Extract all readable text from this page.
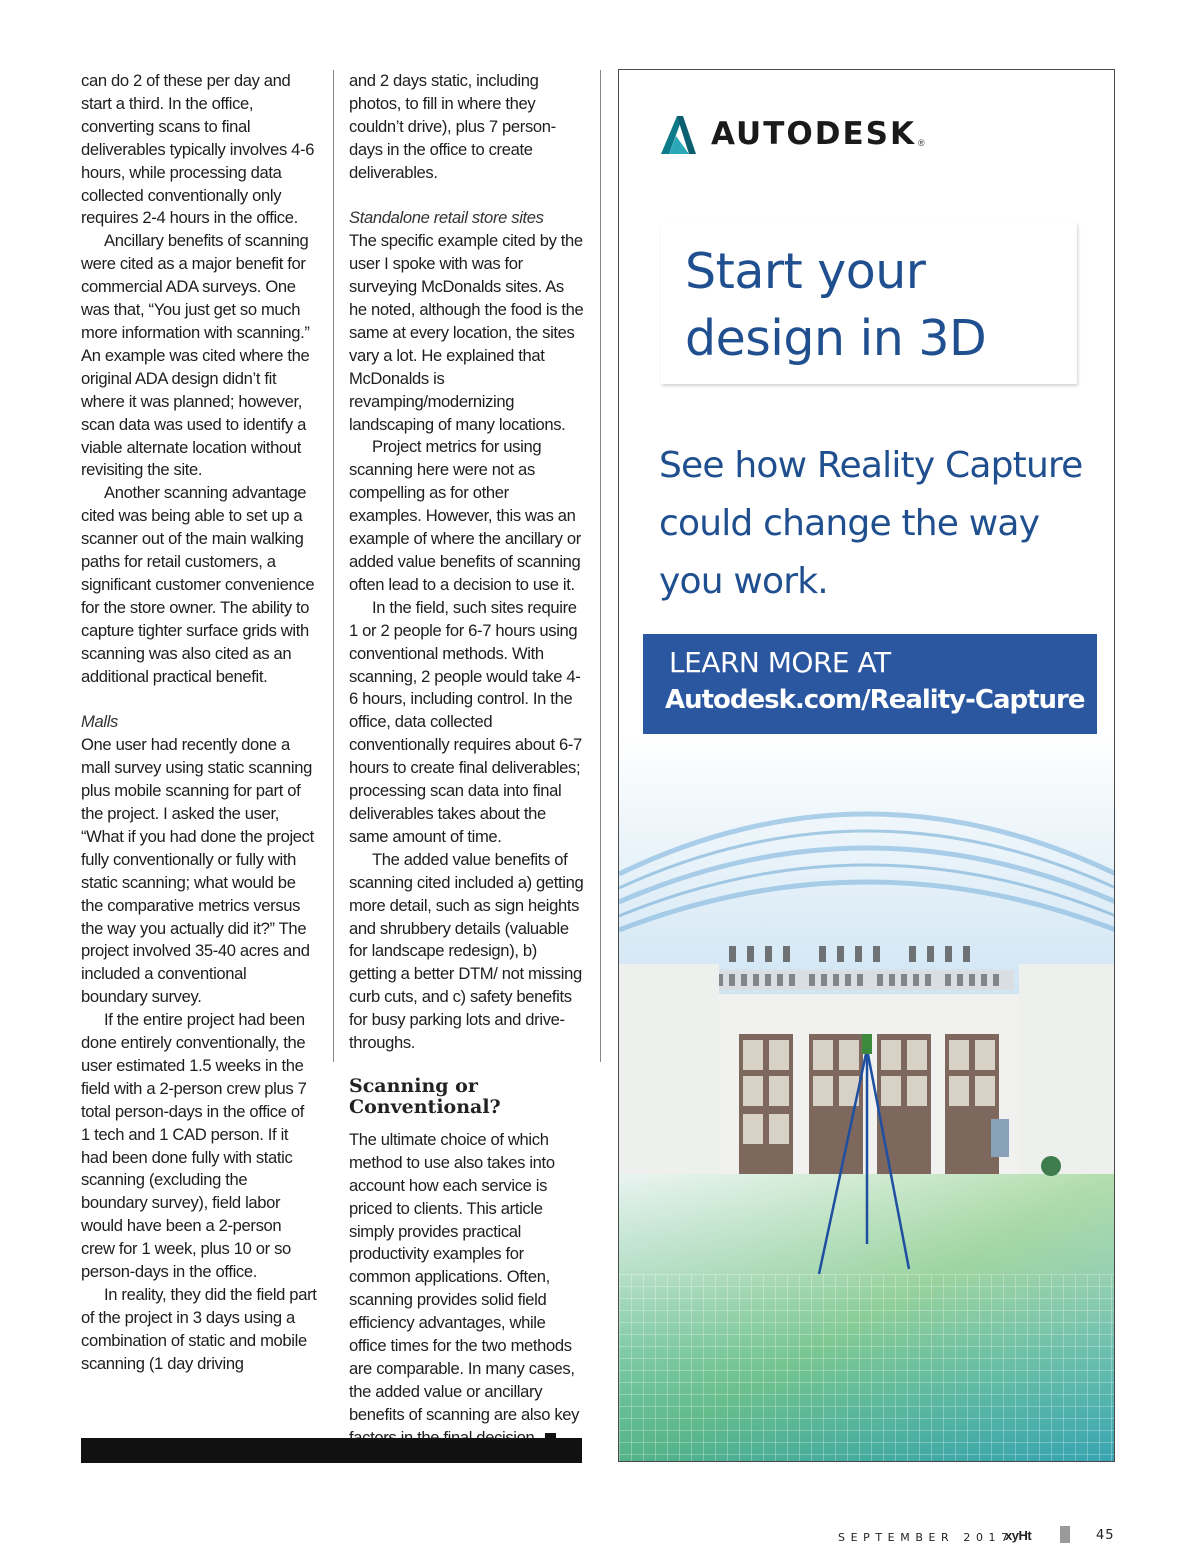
can do 2 of these per day and start a third. In the office, converting scans to final deliverables typically involves 4-6 hours, while processing data collected conventionally only requires 2-4 hours in the office.

Ancillary benefits of scanning were cited as a major benefit for commercial ADA surveys. One was that, “You just get so much more information with scanning.” An example was cited where the original ADA design didn’t fit where it was planned; however, scan data was used to identify a viable alternate location without revisiting the site.

Another scanning advantage cited was being able to set up a scanner out of the main walking paths for retail customers, a significant customer convenience for the store owner. The ability to capture tighter surface grids with scanning was also cited as an additional practical benefit.

Malls

One user had recently done a mall survey using static scanning plus mobile scanning for part of the project. I asked the user, “What if you had done the project fully conventionally or fully with static scanning; what would be the comparative metrics versus the way you actually did it?” The project involved 35-40 acres and included a conventional boundary survey.

If the entire project had been done entirely conventionally, the user estimated 1.5 weeks in the field with a 2-person crew plus 7 total person-days in the office of 1 tech and 1 CAD person. If it had been done fully with static scanning (excluding the boundary survey), field labor would have been a 2-person crew for 1 week, plus 10 or so person-days in the office.

In reality, they did the field part of the project in 3 days using a combination of static and mobile scanning (1 day driving

and 2 days static, including photos, to fill in where they couldn’t drive), plus 7 person-days in the office to create deliverables.

Standalone retail store sites

The specific example cited by the user I spoke with was for surveying McDonalds sites. As he noted, although the food is the same at every location, the sites vary a lot. He explained that McDonalds is revamping/modernizing landscaping of many locations.

Project metrics for using scanning here were not as compelling as for other examples. However, this was an example of where the ancillary or added value benefits of scanning often lead to a decision to use it.

In the field, such sites require 1 or 2 people for 6-7 hours using conventional methods. With scanning, 2 people would take 4-6 hours, including control. In the office, data collected conventionally requires about 6-7 hours to create final deliverables; processing scan data into final deliverables takes about the same amount of time.

The added value benefits of scanning cited included a) getting more detail, such as sign heights and shrubbery details (valuable for landscape redesign), b) getting a better DTM/ not missing curb cuts, and c) safety benefits for busy parking lots and drive-throughs.

Scanning or Conventional?

The ultimate choice of which method to use also takes into account how each service is priced to clients. This article simply provides practical productivity examples for common applications. Often, scanning provides solid field efficiency advantages, while office times for the two methods are comparable. In many cases, the added value or ancillary benefits of scanning are also key

AUTODESK ®
Start your design in 3D
See how Reality Capture could change the way you work.
LEARN MORE AT
Autodesk.com/Reality-Capture
SEPTEMBER 2017
xyHt	45
